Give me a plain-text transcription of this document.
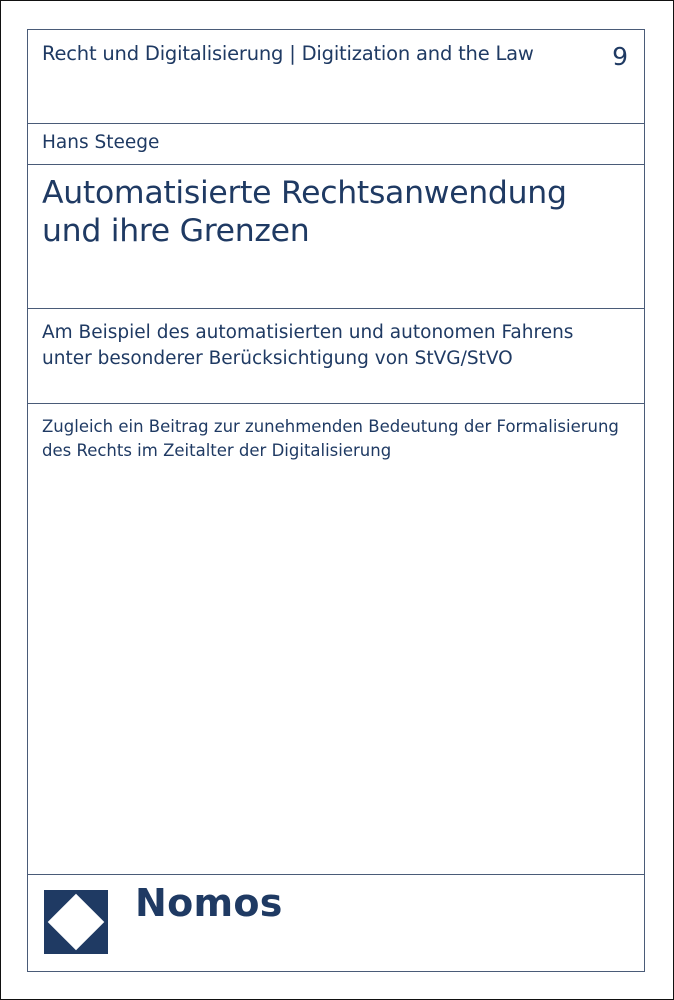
Recht und Digitalisierung | Digitization and the Law	9
Hans Steege
Automatisierte Rechtsanwendung
und ihre Grenzen
Am Beispiel des automatisierten und autonomen Fahrens
unter besonderer Berücksichtigung von StVG/StVO
Zugleich ein Beitrag zur zunehmenden Bedeutung der Formalisierung
des Rechts im Zeitalter der Digitalisierung
Nomos
